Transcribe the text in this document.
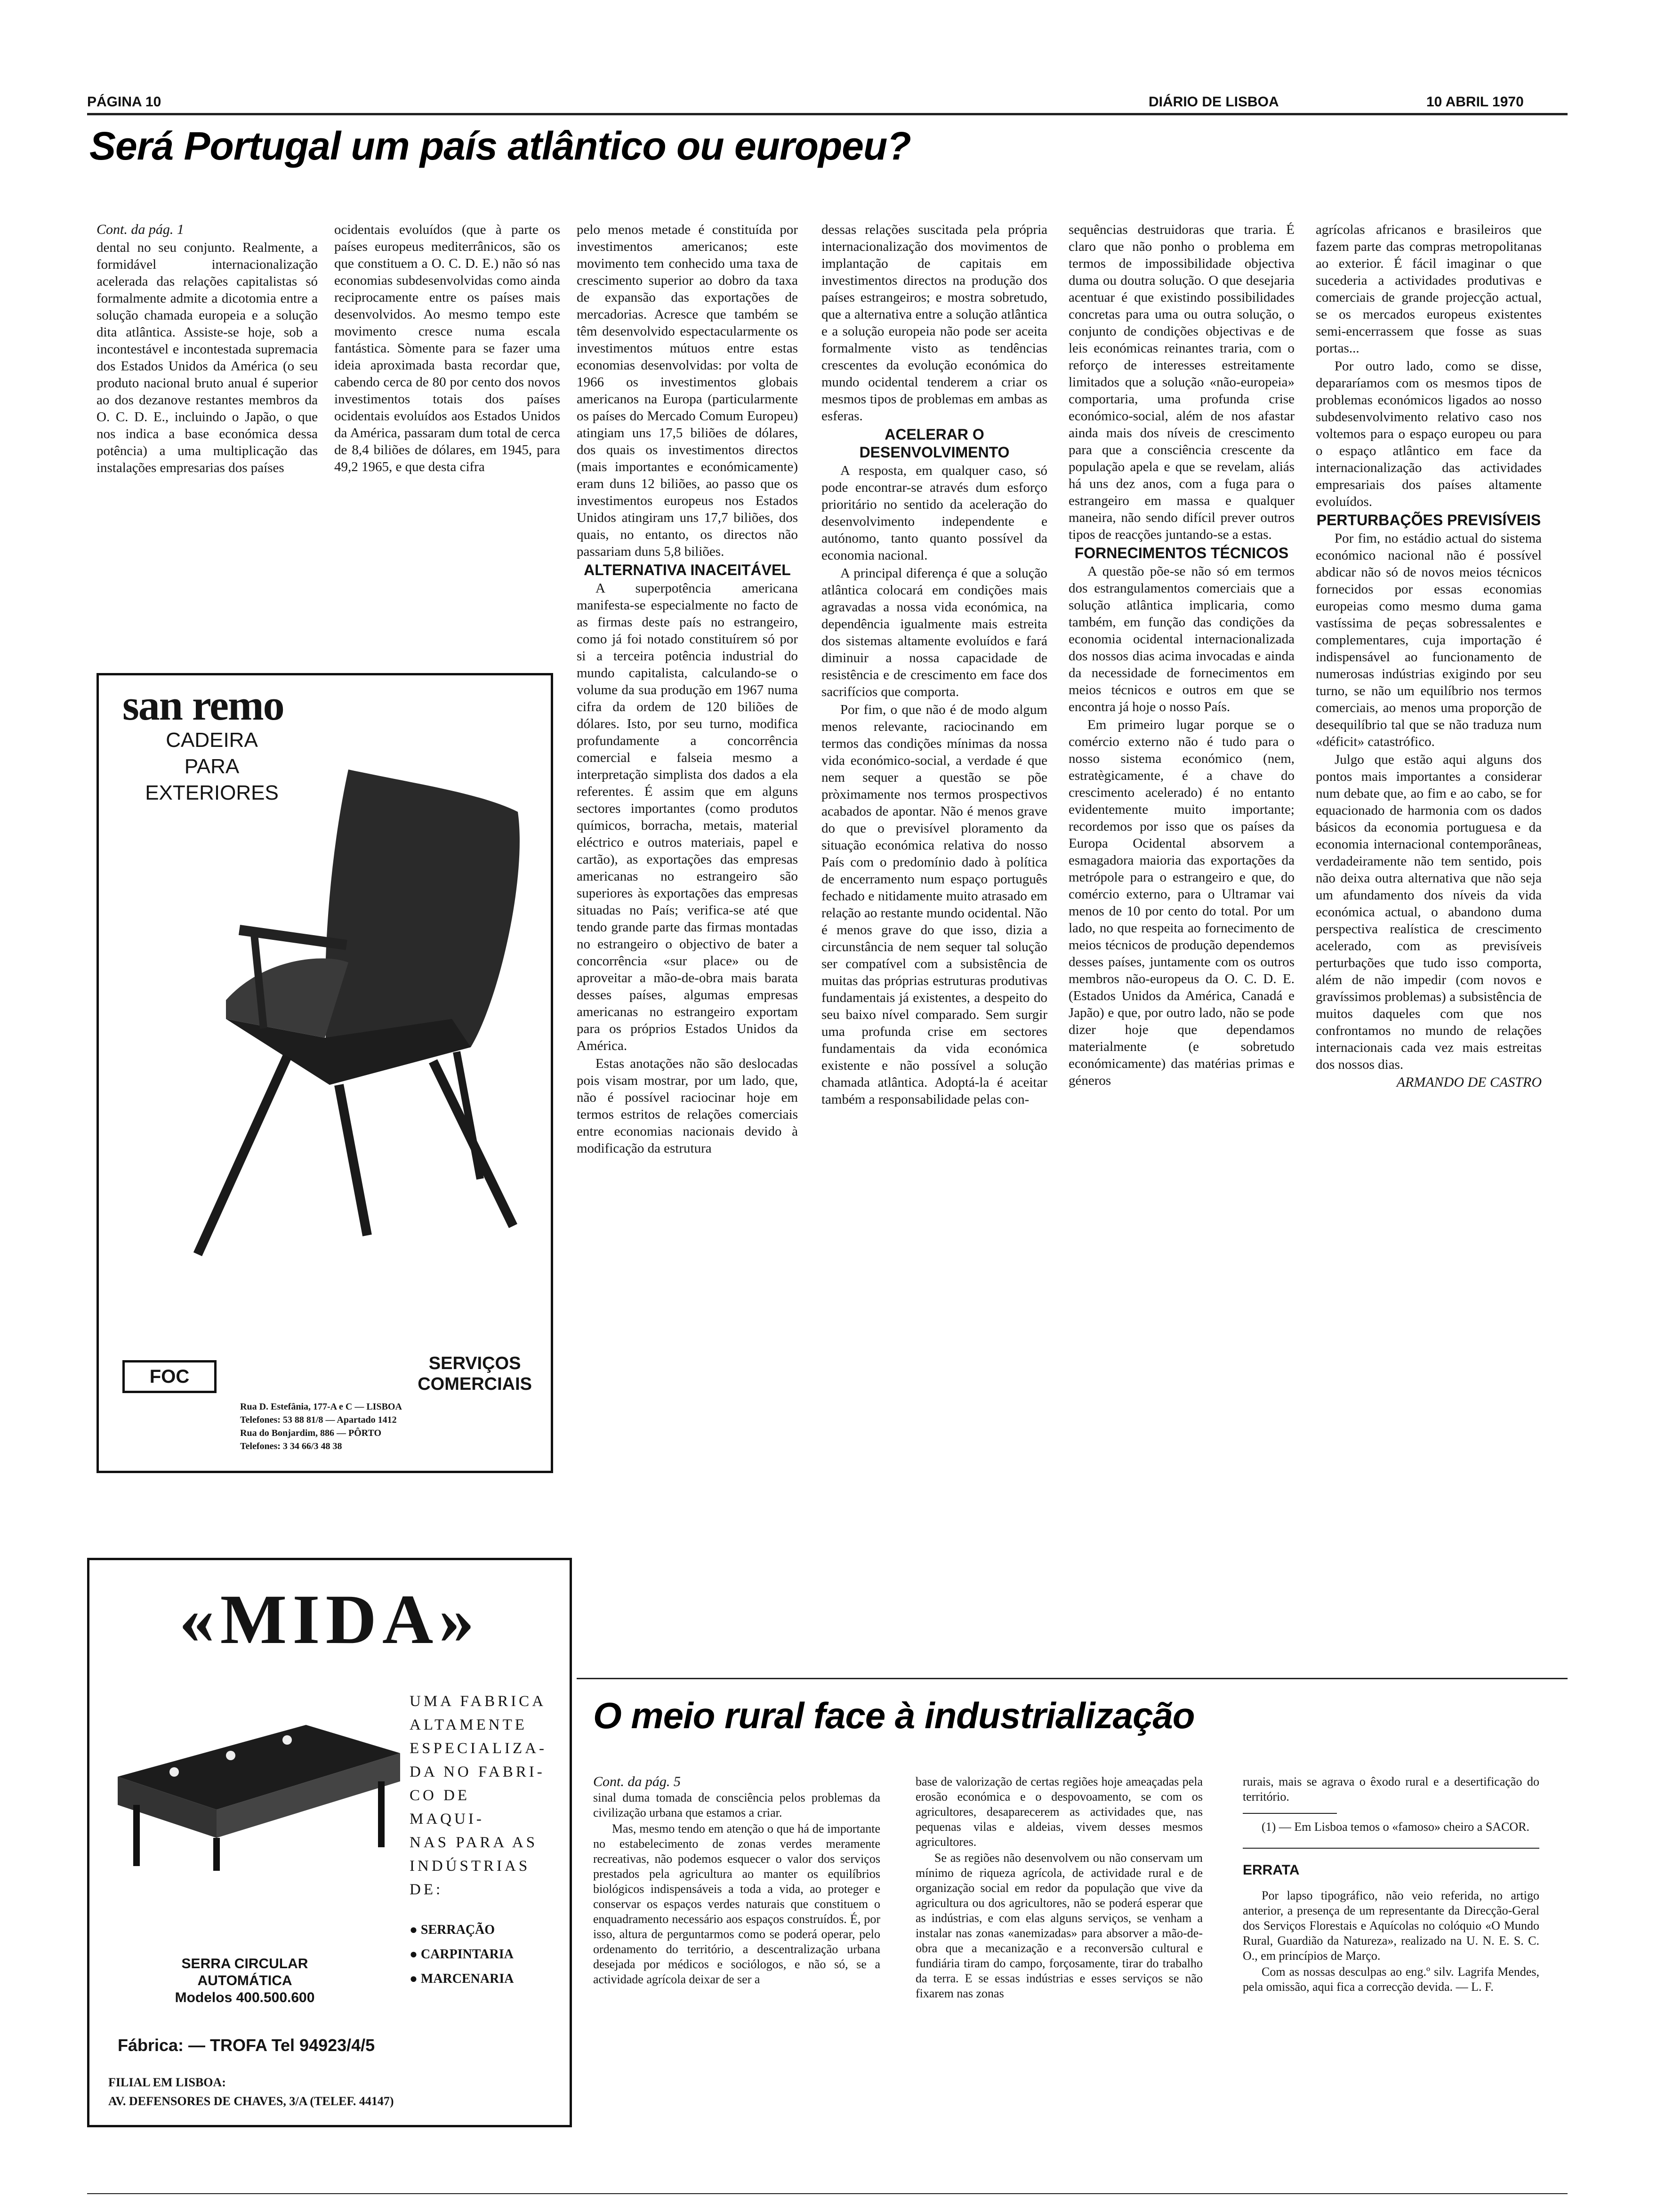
PÁGINA 10	DIÁRIO DE LISBOA	10 ABRIL 1970
Será Portugal um país atlântico ou europeu?

Cont. da pág. 1

dental no seu conjunto. Realmente, a formidável internacionalização acelerada das relações capitalistas só formalmente admite a dicotomia entre a solução chamada europeia e a solução dita atlântica. Assiste-se hoje, sob a incontestável e incontestada supremacia dos Estados Unidos da América (o seu produto nacional bruto anual é superior ao dos dezanove restantes membros da O. C. D. E., incluindo o Japão, o que nos indica a base económica dessa potência) a uma multiplicação das instalações empresarias dos países

ocidentais evoluídos (que à parte os países europeus mediterrânicos, são os que constituem a O. C. D. E.) não só nas economias subdesenvolvidas como ainda reciprocamente entre os países mais desenvolvidos. Ao mesmo tempo este movimento cresce numa escala fantástica. Sòmente para se fazer uma ideia aproximada basta recordar que, cabendo cerca de 80 por cento dos novos investimentos totais dos países ocidentais evoluídos aos Estados Unidos da América, passaram dum total de cerca de 8,4 biliões de dólares, em 1945, para 49,2 1965, e que desta cifra

pelo menos metade é constituída por investimentos americanos; este movimento tem conhecido uma taxa de crescimento superior ao dobro da taxa de expansão das exportações de mercadorias. Acresce que também se têm desenvolvido espectacularmente os investimentos mútuos entre estas economias desenvolvidas: por volta de 1966 os investimentos globais americanos na Europa (particularmente os países do Mercado Comum Europeu) atingiam uns 17,5 biliões de dólares, dos quais os investimentos directos (mais importantes e económicamente) eram duns 12 biliões, ao passo que os investimentos europeus nos Estados Unidos atingiram uns 17,7 biliões, dos quais, no entanto, os directos não passariam duns 5,8 biliões.

ALTERNATIVA INACEITÁVEL

A superpotência americana manifesta-se especialmente no facto de as firmas deste país no estrangeiro, como já foi notado constituírem só por si a terceira potência industrial do mundo capitalista, calculando-se o volume da sua produção em 1967 numa cifra da ordem de 120 biliões de dólares. Isto, por seu turno, modifica profundamente a concorrência comercial e falseia mesmo a interpretação simplista dos dados a ela referentes. É assim que em alguns sectores importantes (como produtos químicos, borracha, metais, material eléctrico e outros materiais, papel e cartão), as exportações das empresas americanas no estrangeiro são superiores às exportações das empresas situadas no País; verifica-se até que tendo grande parte das firmas montadas no estrangeiro o objectivo de bater a concorrência «sur place» ou de aproveitar a mão-de-obra mais barata desses países, algumas empresas americanas no estrangeiro exportam para os próprios Estados Unidos da América.

Estas anotações não são deslocadas pois visam mostrar, por um lado, que, não é possível raciocinar hoje em termos estritos de relações comerciais entre economias nacionais devido à modificação da estrutura

dessas relações suscitada pela própria internacionalização dos movimentos de implantação de capitais em investimentos directos na produção dos países estrangeiros; e mostra sobretudo, que a alternativa entre a solução atlântica e a solução europeia não pode ser aceita formalmente visto as tendências crescentes da evolução económica do mundo ocidental tenderem a criar os mesmos tipos de problemas em ambas as esferas.

ACELERAR O DESENVOLVIMENTO

A resposta, em qualquer caso, só pode encontrar-se através dum esforço prioritário no sentido da aceleração do desenvolvimento independente e autónomo, tanto quanto possível da economia nacional.

A principal diferença é que a solução atlântica colocará em condições mais agravadas a nossa vida económica, na dependência igualmente mais estreita dos sistemas altamente evoluídos e fará diminuir a nossa capacidade de resistência e de crescimento em face dos sacrifícios que comporta.

Por fim, o que não é de modo algum menos relevante, raciocinando em termos das condições mínimas da nossa vida económico-social, a verdade é que nem sequer a questão se põe pròximamente nos termos prospectivos acabados de apontar. Não é menos grave do que o previsível ploramento da situação económica relativa do nosso País com o predomínio dado à política de encerramento num espaço português fechado e nitidamente muito atrasado em relação ao restante mundo ocidental. Não é menos grave do que isso, dizia a circunstância de nem sequer tal solução ser compatível com a subsistência de muitas das próprias estruturas produtivas fundamentais já existentes, a despeito do seu baixo nível comparado. Sem surgir uma profunda crise em sectores fundamentais da vida económica existente e não possível a solução chamada atlântica. Adoptá-la é aceitar também a responsabilidade pelas con-

sequências destruidoras que traria. É claro que não ponho o problema em termos de impossibilidade objectiva duma ou doutra solução. O que desejaria acentuar é que existindo possibilidades concretas para uma ou outra solução, o conjunto de condições objectivas e de leis económicas reinantes traria, com o reforço de interesses estreitamente limitados que a solução «não-europeia» comportaria, uma profunda crise económico-social, além de nos afastar ainda mais dos níveis de crescimento para que a consciência crescente da população apela e que se revelam, aliás há uns dez anos, com a fuga para o estrangeiro em massa e qualquer maneira, não sendo difícil prever outros tipos de reacções juntando-se a estas.

FORNECIMENTOS TÉCNICOS

A questão põe-se não só em termos dos estrangulamentos comerciais que a solução atlântica implicaria, como também, em função das condições da economia ocidental internacionalizada dos nossos dias acima invocadas e ainda da necessidade de fornecimentos em meios técnicos e outros em que se encontra já hoje o nosso País.

Em primeiro lugar porque se o comércio externo não é tudo para o nosso sistema económico (nem, estratègicamente, é a chave do crescimento acelerado) é no entanto evidentemente muito importante; recordemos por isso que os países da Europa Ocidental absorvem a esmagadora maioria das exportações da metrópole para o estrangeiro e que, do comércio externo, para o Ultramar vai menos de 10 por cento do total. Por um lado, no que respeita ao fornecimento de meios técnicos de produção dependemos desses países, juntamente com os outros membros não-europeus da O. C. D. E. (Estados Unidos da América, Canadá e Japão) e que, por outro lado, não se pode dizer hoje que dependamos materialmente (e sobretudo económicamente) das matérias primas e géneros

agrícolas africanos e brasileiros que fazem parte das compras metropolitanas ao exterior. É fácil imaginar o que sucederia a actividades produtivas e comerciais de grande projecção actual, se os mercados europeus existentes semi-encerrassem que fosse as suas portas...

Por outro lado, como se disse, depararíamos com os mesmos tipos de problemas económicos ligados ao nosso subdesenvolvimento relativo caso nos voltemos para o espaço europeu ou para o espaço atlântico em face da internacionalização das actividades empresariais dos países altamente evoluídos.

PERTURBAÇÕES PREVISÍVEIS

Por fim, no estádio actual do sistema económico nacional não é possível abdicar não só de novos meios técnicos fornecidos por essas economias europeias como mesmo duma gama vastíssima de peças sobressalentes e complementares, cuja importação é indispensável ao funcionamento de numerosas indústrias exigindo por seu turno, se não um equilíbrio nos termos comerciais, ao menos uma proporção de desequilíbrio tal que se não traduza num «déficit» catastrófico.

Julgo que estão aqui alguns dos pontos mais importantes a considerar num debate que, ao fim e ao cabo, se for equacionado de harmonia com os dados básicos da economia portuguesa e da economia internacional contemporâneas, verdadeiramente não tem sentido, pois não deixa outra alternativa que não seja um afundamento dos níveis da vida económica actual, o abandono duma perspectiva realística de crescimento acelerado, com as previsíveis perturbações que tudo isso comporta, além de não impedir (com novos e gravíssimos problemas) a subsistência de muitos daqueles com que nos confrontamos no mundo de relações internacionais cada vez mais estreitas dos nossos dias.

ARMANDO DE CASTRO

san remo
CADEIRA
PARA
EXTERIORES
FOC
SERVIÇOS
COMERCIAIS
Rua D. Estefânia, 177-A e C — LISBOA
Telefones: 53 88 81/8 — Apartado 1412
Rua do Bonjardim, 886 — PÔRTO
Telefones: 3 34 66/3 48 38
«MIDA»
UMA FABRICA
ALTAMENTE
ESPECIALIZA-
DA NO FABRI-
CO DE MAQUI-
NAS PARA AS
INDÚSTRIAS
DE:
● SERRAÇÃO
● CARPINTARIA
● MARCENARIA
SERRA CIRCULAR
AUTOMÁTICA
Modelos 400.500.600
Fábrica: — TROFA Tel 94923/4/5
FILIAL EM LISBOA:
AV. DEFENSORES DE CHAVES, 3/A (TELEF. 44147)
O meio rural face à industrialização

Cont. da pág. 5

sinal duma tomada de consciência pelos problemas da civilização urbana que estamos a criar.

Mas, mesmo tendo em atenção o que há de importante no estabelecimento de zonas verdes meramente recreativas, não podemos esquecer o valor dos serviços prestados pela agricultura ao manter os equilíbrios biológicos indispensáveis a toda a vida, ao proteger e conservar os espaços verdes naturais que constituem o enquadramento necessário aos espaços construídos. É, por isso, altura de perguntarmos como se poderá operar, pelo ordenamento do território, a descentralização urbana desejada por médicos e sociólogos, e não só, se a actividade agrícola deixar de ser a

base de valorização de certas regiões hoje ameaçadas pela erosão económica e o despovoamento, se com os agricultores, desaparecerem as actividades que, nas pequenas vilas e aldeias, vivem desses mesmos agricultores.

Se as regiões não desenvolvem ou não conservam um mínimo de riqueza agrícola, de actividade rural e de organização social em redor da população que vive da agricultura ou dos agricultores, não se poderá esperar que as indústrias, e com elas alguns serviços, se venham a instalar nas zonas «anemizadas» para absorver a mão-de-obra que a mecanização e a reconversão cultural e fundiária tiram do campo, forçosamente, tirar do trabalho da terra. E se essas indústrias e esses serviços se não fixarem nas zonas

rurais, mais se agrava o êxodo rural e a desertificação do território.

(1) — Em Lisboa temos o «famoso» cheiro a SACOR.

ERRATA

Por lapso tipográfico, não veio referida, no artigo anterior, a presença de um representante da Direcção-Geral dos Serviços Florestais e Aquícolas no colóquio «O Mundo Rural, Guardião da Natureza», realizado na U. N. E. S. C. O., em princípios de Março.

Com as nossas desculpas ao eng.º silv. Lagrifa Mendes, pela omissão, aqui fica a correcção devida. — L. F.
